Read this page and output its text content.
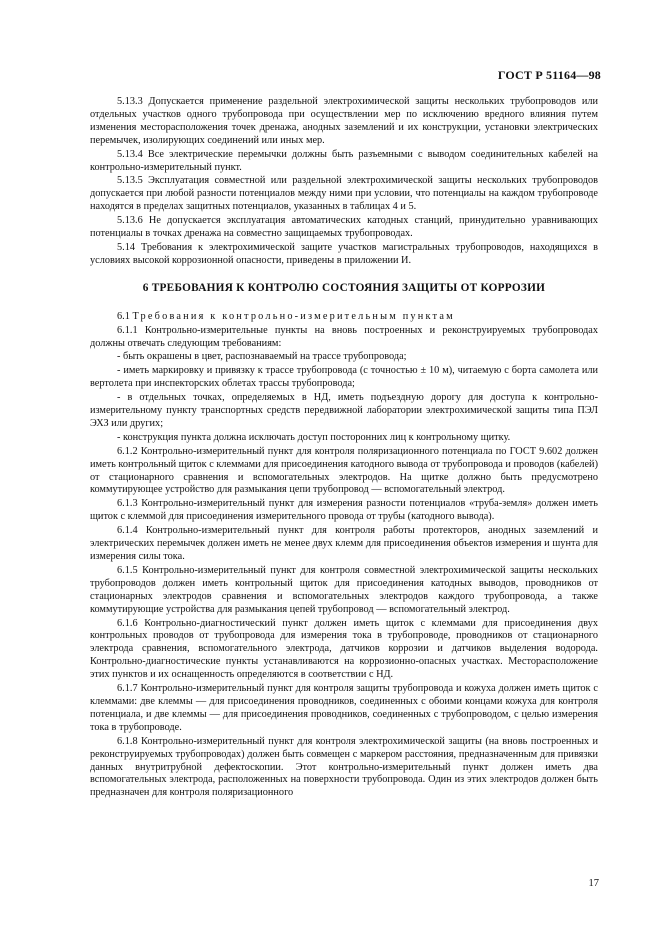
ГОСТ Р 51164—98

5.13.3 Допускается применение раздельной электрохимической защиты нескольких трубопроводов или отдельных участков одного трубопровода при осуществлении мер по исключению вредного влияния путем изменения месторасположения точек дренажа, анодных заземлений и их конструкции, установки электрических перемычек, изолирующих соединений или иных мер.

5.13.4 Все электрические перемычки должны быть разъемными с выводом соединительных кабелей на контрольно-измерительный пункт.

5.13.5 Эксплуатация совместной или раздельной электрохимической защиты нескольких трубопроводов допускается при любой разности потенциалов между ними при условии, что потенциалы на каждом трубопроводе находятся в пределах защитных потенциалов, указанных в таблицах 4 и 5.

5.13.6 Не допускается эксплуатация автоматических катодных станций, принудительно уравнивающих потенциалы в точках дренажа на совместно защищаемых трубопроводах.

5.14 Требования к электрохимической защите участков магистральных трубопроводов, находящихся в условиях высокой коррозионной опасности, приведены в приложении И.

6 ТРЕБОВАНИЯ К КОНТРОЛЮ СОСТОЯНИЯ ЗАЩИТЫ ОТ КОРРОЗИИ

6.1 Требования к контрольно-измерительным пунктам

6.1.1 Контрольно-измерительные пункты на вновь построенных и реконструируемых трубопроводах должны отвечать следующим требованиям:

- быть окрашены в цвет, распознаваемый на трассе трубопровода;

- иметь маркировку и привязку к трассе трубопровода (с точностью ± 10 м), читаемую с борта самолета или вертолета при инспекторских облетах трассы трубопровода;

- в отдельных точках, определяемых в НД, иметь подъездную дорогу для доступа к контрольно-измерительному пункту транспортных средств передвижной лаборатории электрохимической защиты типа ПЭЛ ЭХЗ или других;

- конструкция пункта должна исключать доступ посторонних лиц к контрольному щитку.

6.1.2 Контрольно-измерительный пункт для контроля поляризационного потенциала по ГОСТ 9.602 должен иметь контрольный щиток с клеммами для присоединения катодного вывода от трубопровода и проводов (кабелей) от стационарного сравнения и вспомогательных электродов. На щитке должно быть предусмотрено коммутирующее устройство для размыкания цепи трубопровод — вспомогательный электрод.

6.1.3 Контрольно-измерительный пункт для измерения разности потенциалов «труба-земля» должен иметь щиток с клеммой для присоединения измерительного провода от трубы (катодного вывода).

6.1.4 Контрольно-измерительный пункт для контроля работы протекторов, анодных заземлений и электрических перемычек должен иметь не менее двух клемм для присоединения объектов измерения и шунта для измерения силы тока.

6.1.5 Контрольно-измерительный пункт для контроля совместной электрохимической защиты нескольких трубопроводов должен иметь контрольный щиток для присоединения катодных выводов, проводников от стационарных электродов сравнения и вспомогательных электродов каждого трубопровода, а также коммутирующие устройства для размыкания цепей трубопровод — вспомогательный электрод.

6.1.6 Контрольно-диагностический пункт должен иметь щиток с клеммами для присоединения двух контрольных проводов от трубопровода для измерения тока в трубопроводе, проводников от стационарного электрода сравнения, вспомогательного электрода, датчиков коррозии и датчиков выделения водорода. Контрольно-диагностические пункты устанавливаются на коррозионно-опасных участках. Месторасположение этих пунктов и их оснащенность определяются в соответствии с НД.

6.1.7 Контрольно-измерительный пункт для контроля защиты трубопровода и кожуха должен иметь щиток с клеммами: две клеммы — для присоединения проводников, соединенных с обоими концами кожуха для контроля потенциала, и две клеммы — для присоединения проводников, соединенных с трубопроводом, с целью измерения тока в трубопроводе.

6.1.8 Контрольно-измерительный пункт для контроля электрохимической защиты (на вновь построенных и реконструируемых трубопроводах) должен быть совмещен с маркером расстояния, предназначенным для привязки данных внутритрубной дефектоскопии. Этот контрольно-измерительный пункт должен иметь два вспомогательных электрода, расположенных на поверхности трубопровода. Один из этих электродов должен быть предназначен для контроля поляризационного

17
